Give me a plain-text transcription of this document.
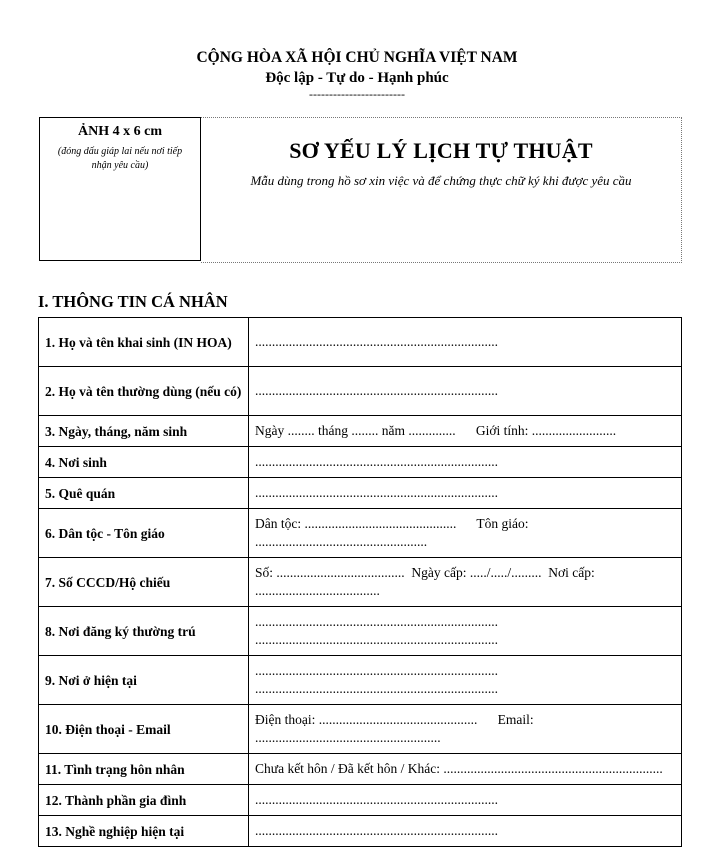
CỘNG HÒA XÃ HỘI CHỦ NGHĨA VIỆT NAM
Độc lập - Tự do - Hạnh phúc
------------------------
ẢNH 4 x 6 cm
(đóng dấu giáp lai nếu nơi tiếp nhận yêu cầu)
SƠ YẾU LÝ LỊCH TỰ THUẬT
Mẫu dùng trong hồ sơ xin việc và để chứng thực chữ ký khi được yêu cầu
I. THÔNG TIN CÁ NHÂN
1. Họ và tên khai sinh (IN HOA)	........................................................................

2. Họ và tên thường dùng (nếu có)	........................................................................

3. Ngày, tháng, năm sinh	Ngày ........ tháng ........ năm ..............      Giới tính: .........................

4. Nơi sinh	........................................................................

5. Quê quán	........................................................................

6. Dân tộc - Tôn giáo	Dân tộc: .............................................      Tôn giáo:
...................................................

7. Số CCCD/Hộ chiếu	Số: ......................................  Ngày cấp: ...../...../.........  Nơi cấp:
.....................................

8. Nơi đăng ký thường trú	........................................................................
........................................................................

9. Nơi ở hiện tại	........................................................................
........................................................................

10. Điện thoại - Email	Điện thoại: ...............................................      Email:
.......................................................

11. Tình trạng hôn nhân	Chưa kết hôn / Đã kết hôn / Khác: .................................................................

12. Thành phần gia đình	........................................................................

13. Nghề nghiệp hiện tại	........................................................................
